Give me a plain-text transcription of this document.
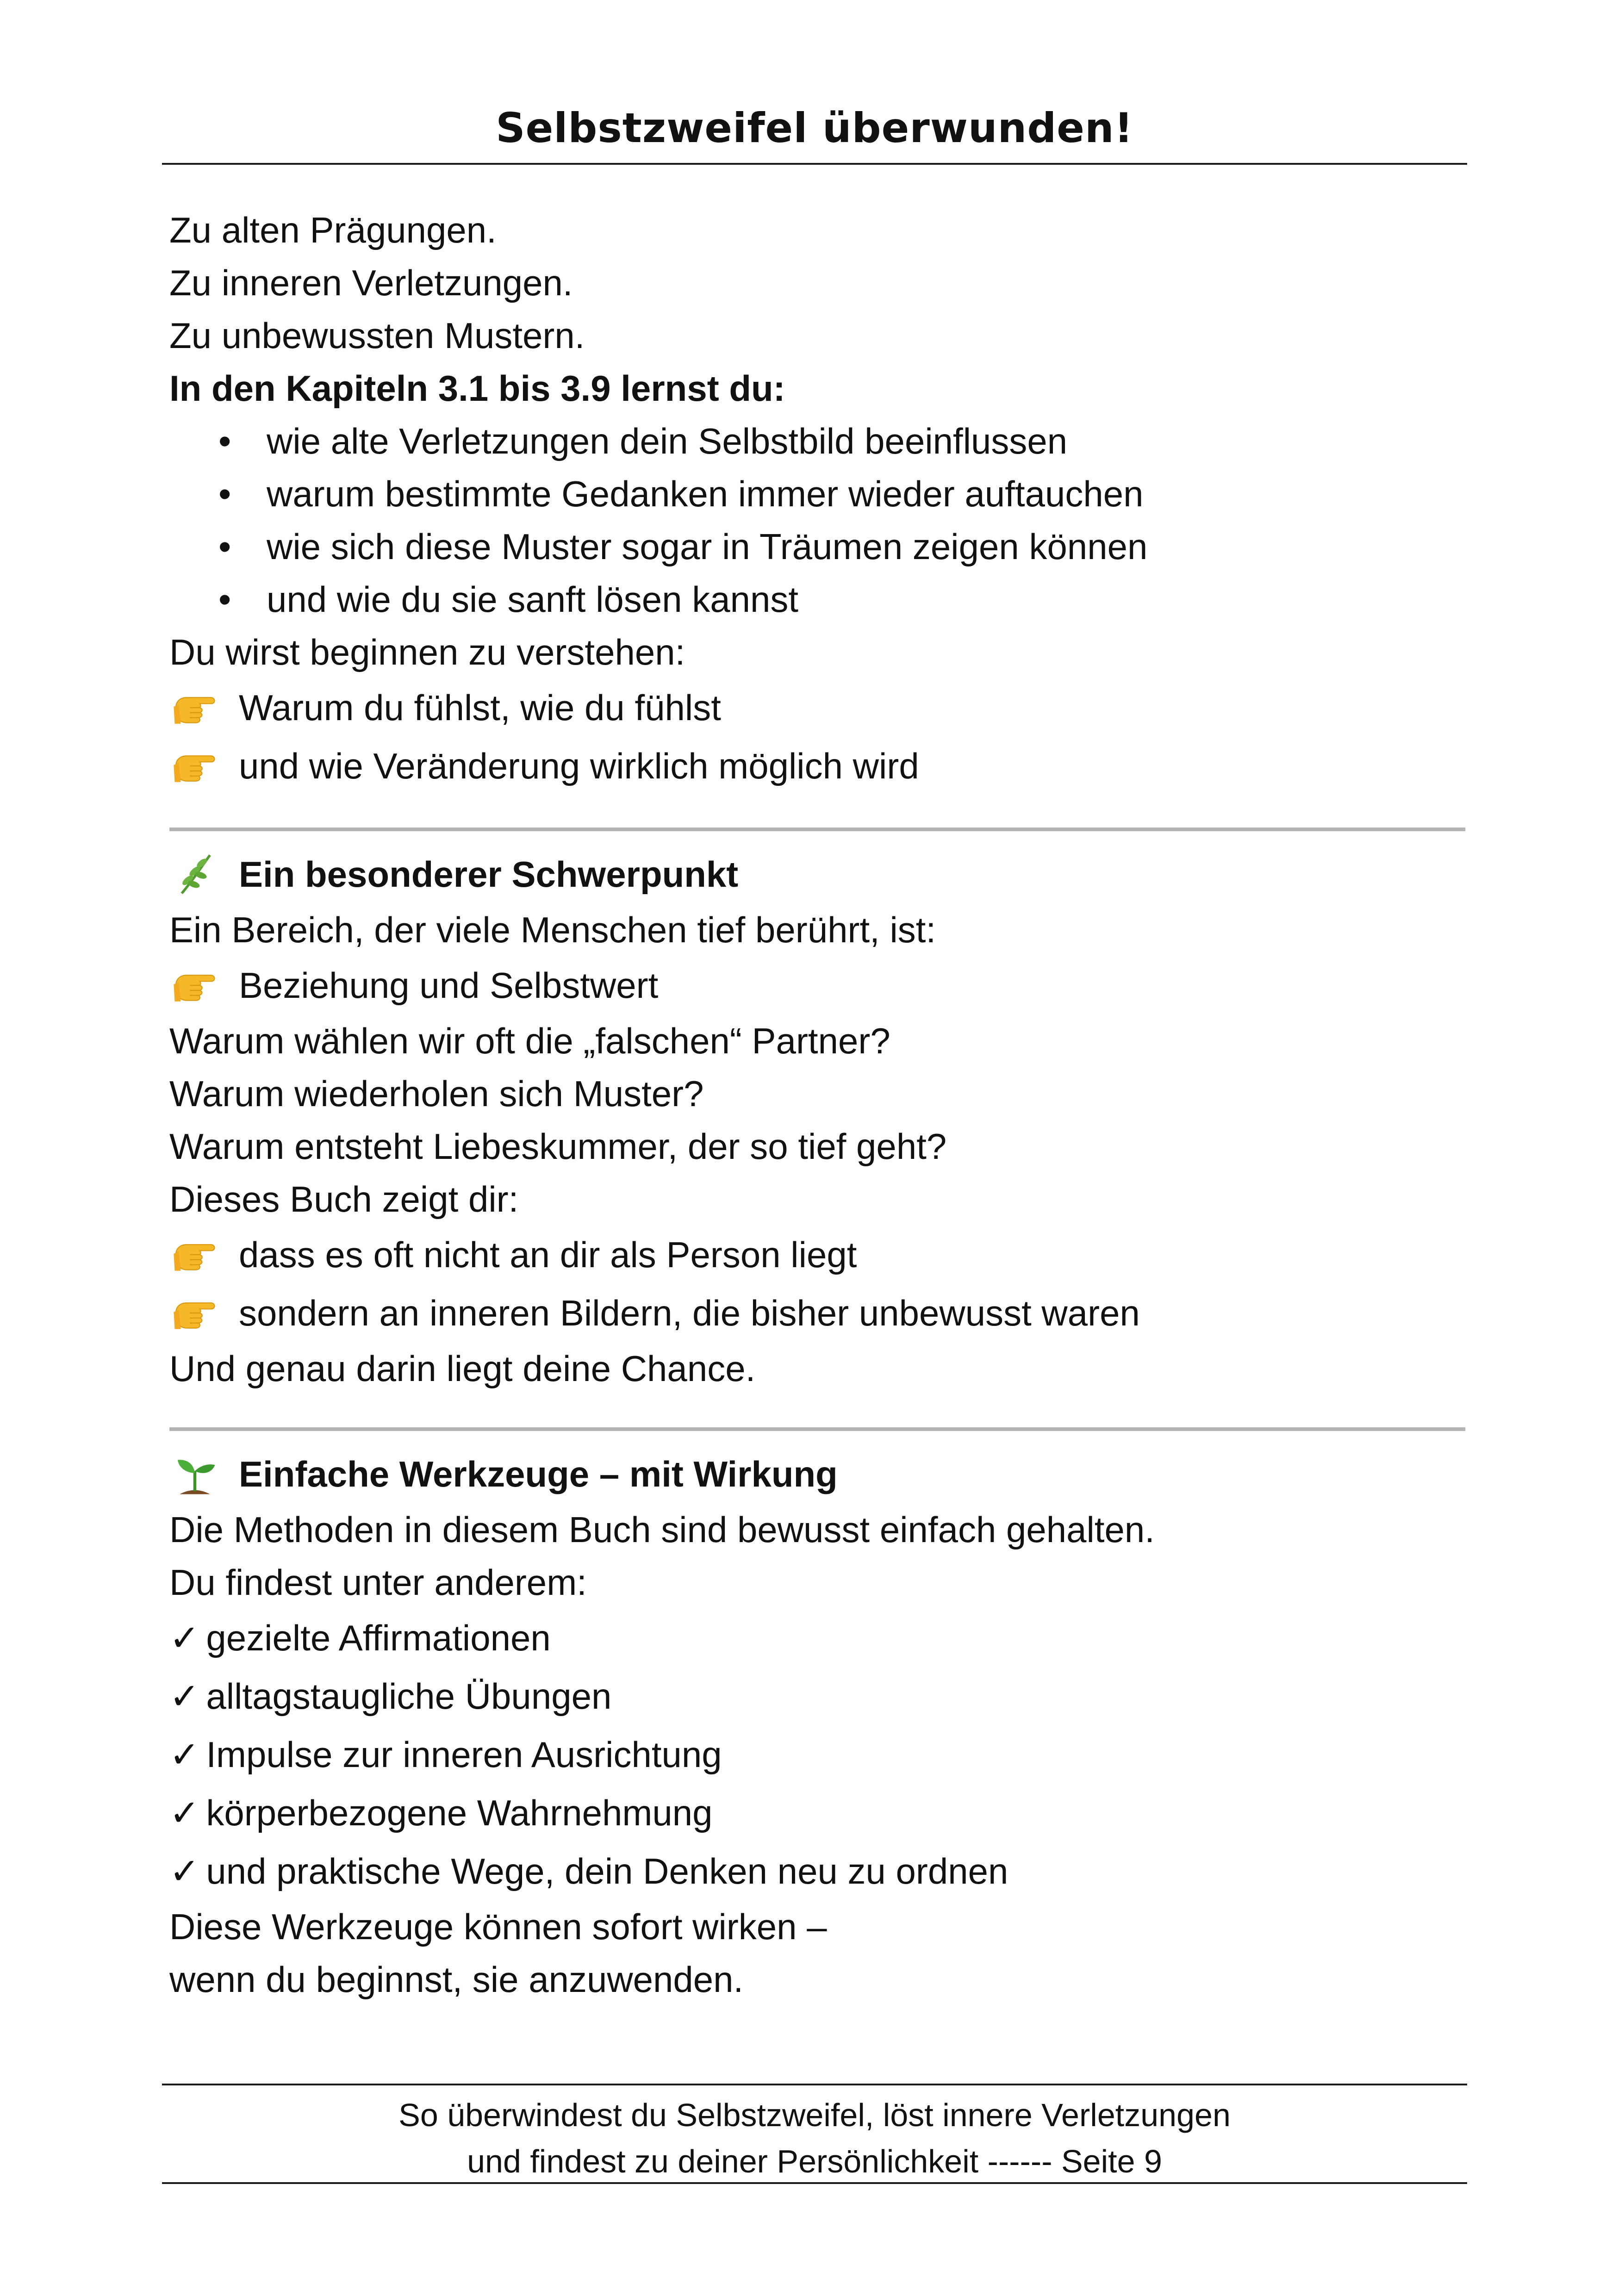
Selbstzweifel überwunden!
Zu alten Prägungen.
Zu inneren Verletzungen.
Zu unbewussten Mustern.
In den Kapiteln 3.1 bis 3.9 lernst du:
• wie alte Verletzungen dein Selbstbild beeinflussen
• warum bestimmte Gedanken immer wieder auftauchen
• wie sich diese Muster sogar in Träumen zeigen können
• und wie du sie sanft lösen kannst
Du wirst beginnen zu verstehen:
Warum du fühlst, wie du fühlst
und wie Veränderung wirklich möglich wird
Ein besonderer Schwerpunkt
Ein Bereich, der viele Menschen tief berührt, ist:
Beziehung und Selbstwert
Warum wählen wir oft die „falschen“ Partner?
Warum wiederholen sich Muster?
Warum entsteht Liebeskummer, der so tief geht?
Dieses Buch zeigt dir:
dass es oft nicht an dir als Person liegt
sondern an inneren Bildern, die bisher unbewusst waren
Und genau darin liegt deine Chance.
Einfache Werkzeuge – mit Wirkung
Die Methoden in diesem Buch sind bewusst einfach gehalten.
Du findest unter anderem:
✓ gezielte Affirmationen
✓ alltagstaugliche Übungen
✓ Impulse zur inneren Ausrichtung
✓ körperbezogene Wahrnehmung
✓ und praktische Wege, dein Denken neu zu ordnen
Diese Werkzeuge können sofort wirken –
wenn du beginnst, sie anzuwenden.
So überwindest du Selbstzweifel, löst innere Verletzungen
und findest zu deiner Persönlichkeit ------ Seite 9
